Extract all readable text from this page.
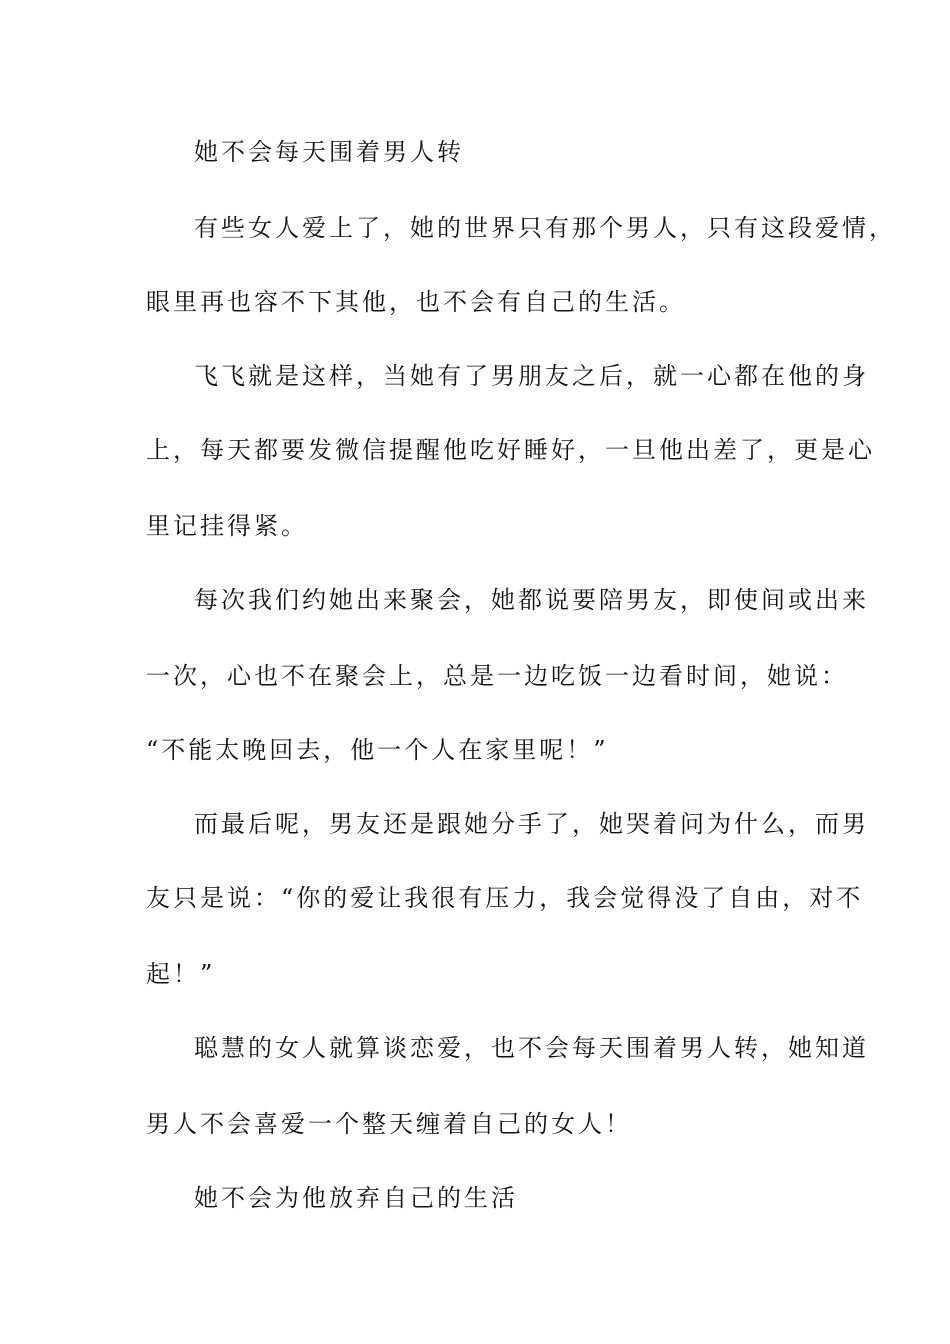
她不会每天围着男人转
有些女人爱上了，她的世界只有那个男人，只有这段爱情，
眼里再也容不下其他，也不会有自己的生活。
飞飞就是这样，当她有了男朋友之后，就一心都在他的身
上，每天都要发微信提醒他吃好睡好，一旦他出差了，更是心
里记挂得紧。
每次我们约她出来聚会，她都说要陪男友，即使间或出来
一次，心也不在聚会上，总是一边吃饭一边看时间，她说：
“不能太晚回去，他一个人在家里呢！”
而最后呢，男友还是跟她分手了，她哭着问为什么，而男
友只是说：“你的爱让我很有压力，我会觉得没了自由，对不
起！”
聪慧的女人就算谈恋爱，也不会每天围着男人转，她知道
男人不会喜爱一个整天缠着自己的女人！
她不会为他放弃自己的生活
